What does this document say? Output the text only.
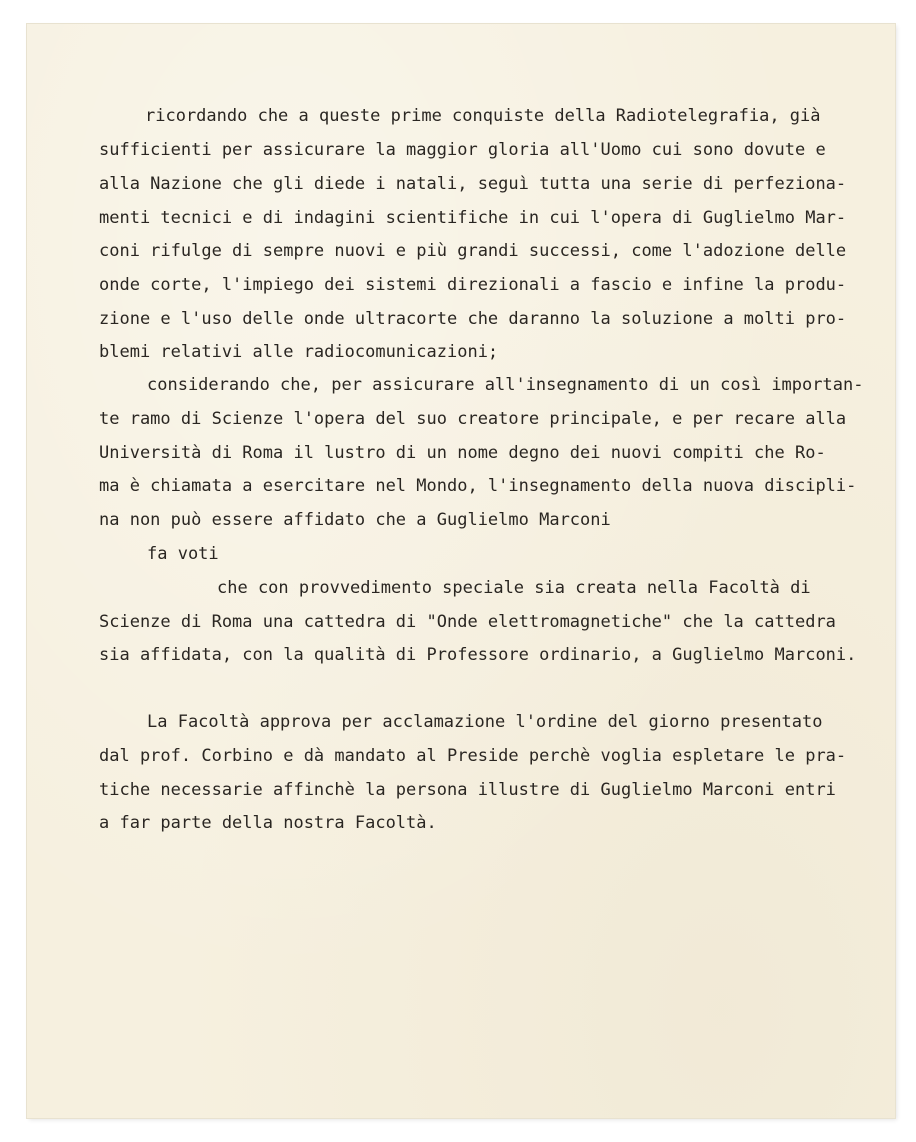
ricordando che a queste prime conquiste della Radiotelegrafia, già

sufficienti per assicurare la maggior gloria all'Uomo cui sono dovute e

alla Nazione che gli diede i natali, seguì tutta una serie di perfeziona-

menti tecnici e di indagini scientifiche in cui l'opera di Guglielmo Mar-

coni rifulge di sempre nuovi e più grandi successi, come l'adozione delle

onde corte, l'impiego dei sistemi direzionali a fascio e infine la produ-

zione e l'uso delle onde ultracorte che daranno la soluzione a molti pro-

blemi relativi alle radiocomunicazioni;

considerando che, per assicurare all'insegnamento di un così importan-

te ramo di Scienze l'opera del suo creatore principale, e per recare alla

Università di Roma il lustro di un nome degno dei nuovi compiti che Ro-

ma è chiamata a esercitare nel Mondo, l'insegnamento della nuova discipli-

na non può essere affidato che a Guglielmo Marconi

fa voti

che con provvedimento speciale sia creata nella Facoltà di

Scienze di Roma una cattedra di "Onde elettromagnetiche" che la cattedra

sia affidata, con la qualità di Professore ordinario, a Guglielmo Marconi.

La Facoltà approva per acclamazione l'ordine del giorno presentato

dal prof. Corbino e dà mandato al Preside perchè voglia espletare le pra-

tiche necessarie affinchè la persona illustre di Guglielmo Marconi entri

a far parte della nostra Facoltà.
